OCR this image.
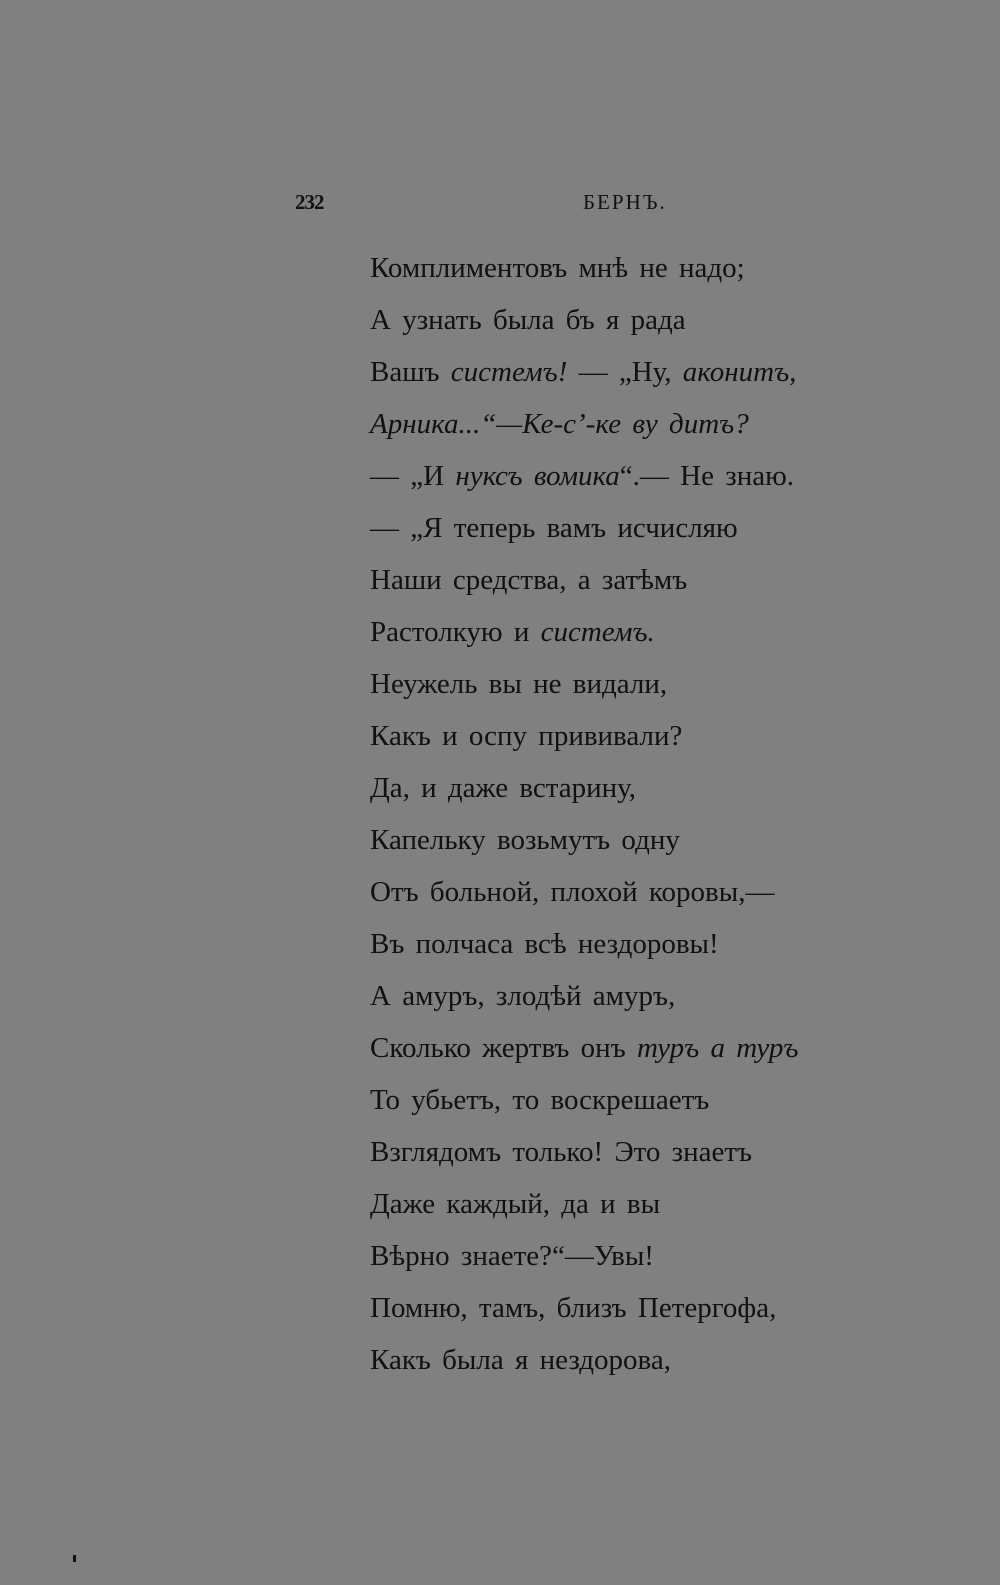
232	БЕРНЪ.
Комплиментовъ мнѣ не надо;
А узнать была бъ я рада
Вашъ системъ! — „Ну, аконитъ,
Арника...“—Ке-с’-ке ву дитъ?
— „И нуксъ вомика“.— Не знаю.
— „Я теперь вамъ исчисляю
Наши средства, а затѣмъ
Растолкую и системъ.
Неужель вы не видали,
Какъ и оспу прививали?
Да, и даже встарину,
Капельку возьмутъ одну
Отъ больной, плохой коровы,—
Въ полчаса всѣ нездоровы!
А амуръ, злодѣй амуръ,
Сколько жертвъ онъ туръ а туръ
То убьетъ, то воскрешаетъ
Взглядомъ только! Это знаетъ
Даже каждый, да и вы
Вѣрно знаете?“—Увы!
Помню, тамъ, близъ Петергофа,
Какъ была я нездорова,
